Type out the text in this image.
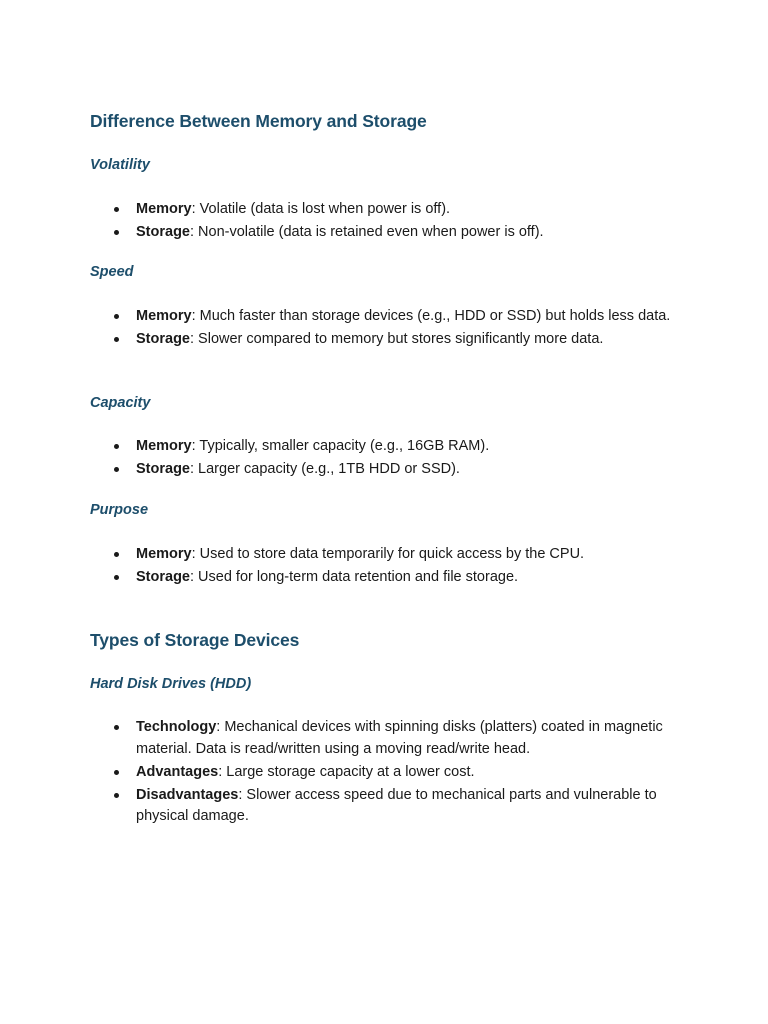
Difference Between Memory and Storage
Volatility
Memory: Volatile (data is lost when power is off).
Storage: Non-volatile (data is retained even when power is off).
Speed
Memory: Much faster than storage devices (e.g., HDD or SSD) but holds less data.
Storage: Slower compared to memory but stores significantly more data.
Capacity
Memory: Typically, smaller capacity (e.g., 16GB RAM).
Storage: Larger capacity (e.g., 1TB HDD or SSD).
Purpose
Memory: Used to store data temporarily for quick access by the CPU.
Storage: Used for long-term data retention and file storage.
Types of Storage Devices
Hard Disk Drives (HDD)
Technology: Mechanical devices with spinning disks (platters) coated in magnetic material. Data is read/written using a moving read/write head.
Advantages: Large storage capacity at a lower cost.
Disadvantages: Slower access speed due to mechanical parts and vulnerable to physical damage.
